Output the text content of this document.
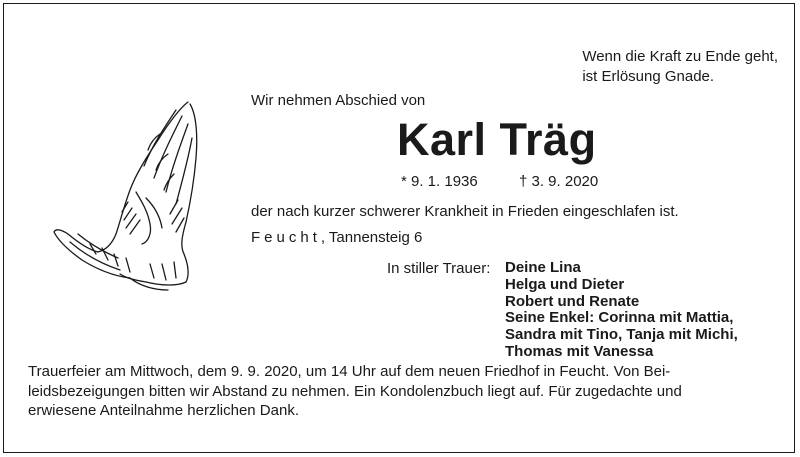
Wenn die Kraft zu Ende geht,
ist Erlösung Gnade.
Wir nehmen Abschied von
Karl Träg
* 9. 1. 1936	† 3. 9. 2020
der nach kurzer schwerer Krankheit in Frieden eingeschlafen ist.
Feucht, Tannensteig 6
In stiller Trauer: Deine Lina
Helga und Dieter
Robert und Renate
Seine Enkel: Corinna mit Mattia,
Sandra mit Tino, Tanja mit Michi,
Thomas mit Vanessa
Trauerfeier am Mittwoch, dem 9. 9. 2020, um 14 Uhr auf dem neuen Friedhof in Feucht. Von Bei-
leidsbezeigungen bitten wir Abstand zu nehmen. Ein Kondolenzbuch liegt auf. Für zugedachte und
erwiesene Anteilnahme herzlichen Dank.
